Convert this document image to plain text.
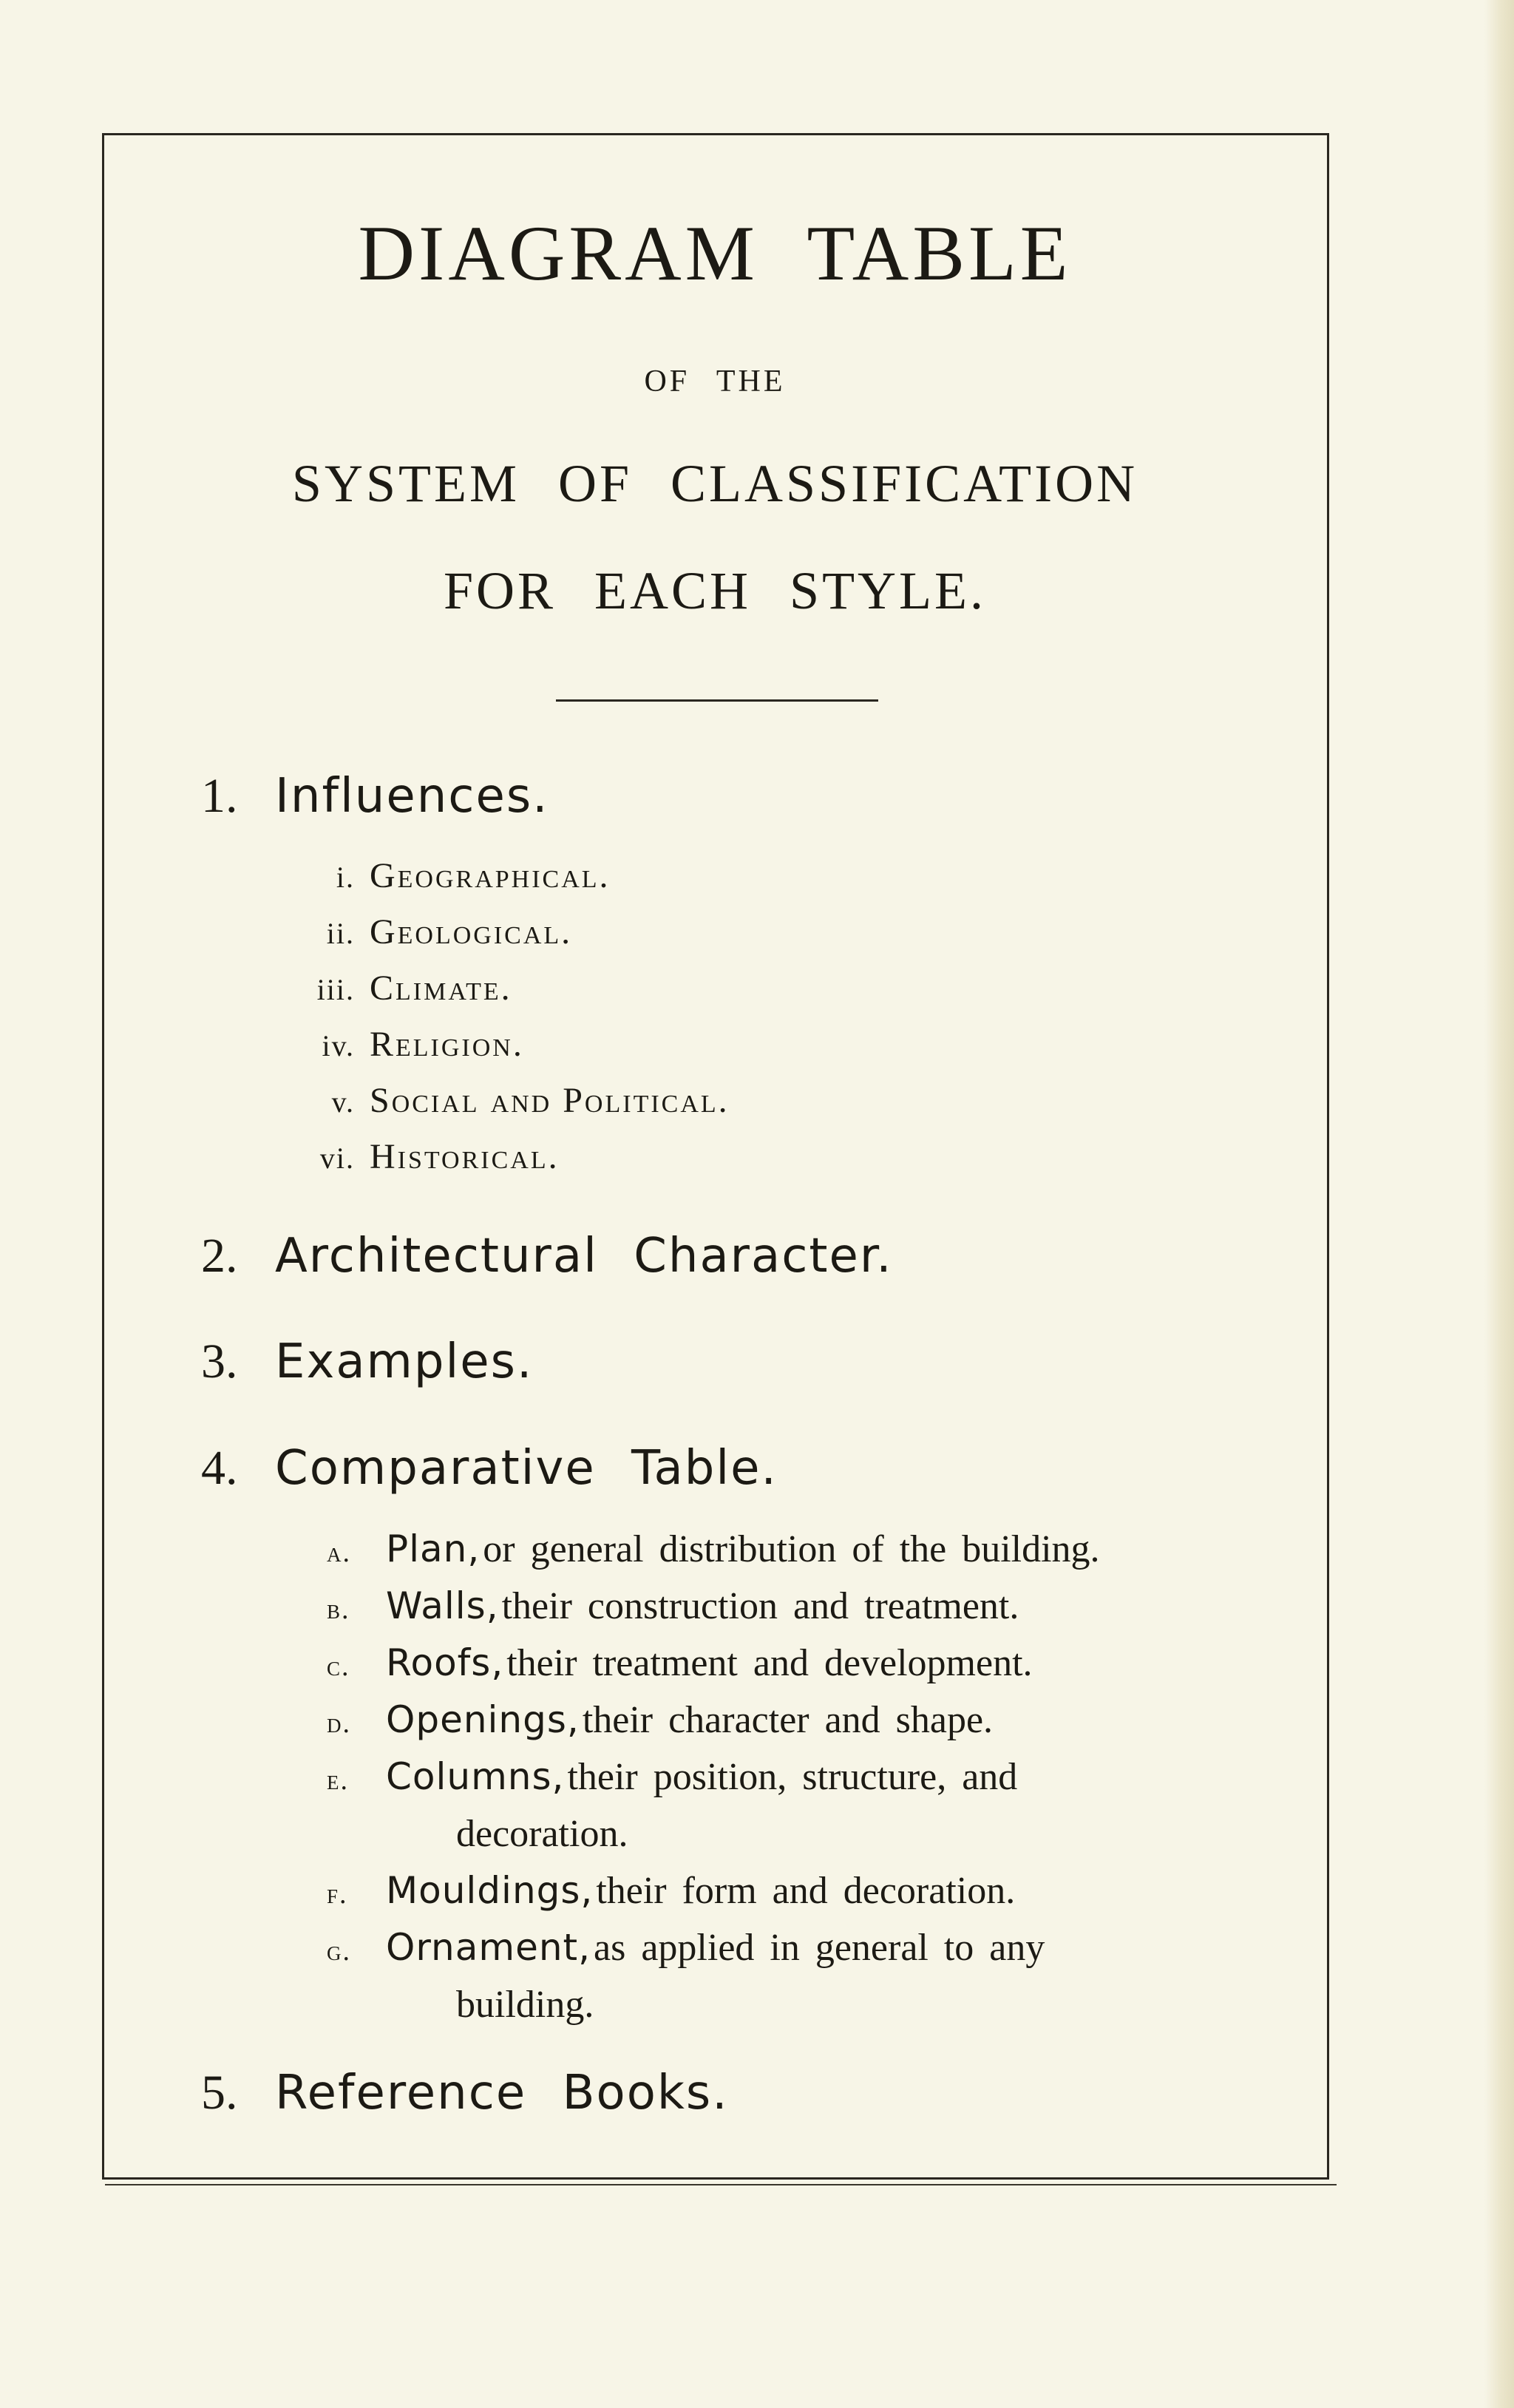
DIAGRAM TABLE
OF THE
SYSTEM OF CLASSIFICATION
FOR EACH STYLE.
1. Influences.
i. Geographical.
ii. Geological.
iii. Climate.
iv. Religion.
v. Social and Political.
vi. Historical.
2. Architectural Character.
3. Examples.
4. Comparative Table.
a. Plan, or general distribution of the building.
b. Walls, their construction and treatment.
c. Roofs, their treatment and development.
d. Openings, their character and shape.
e. Columns, their position, structure, and
decoration.
f. Mouldings, their form and decoration.
g. Ornament, as applied in general to any
building.
5. Reference Books.
